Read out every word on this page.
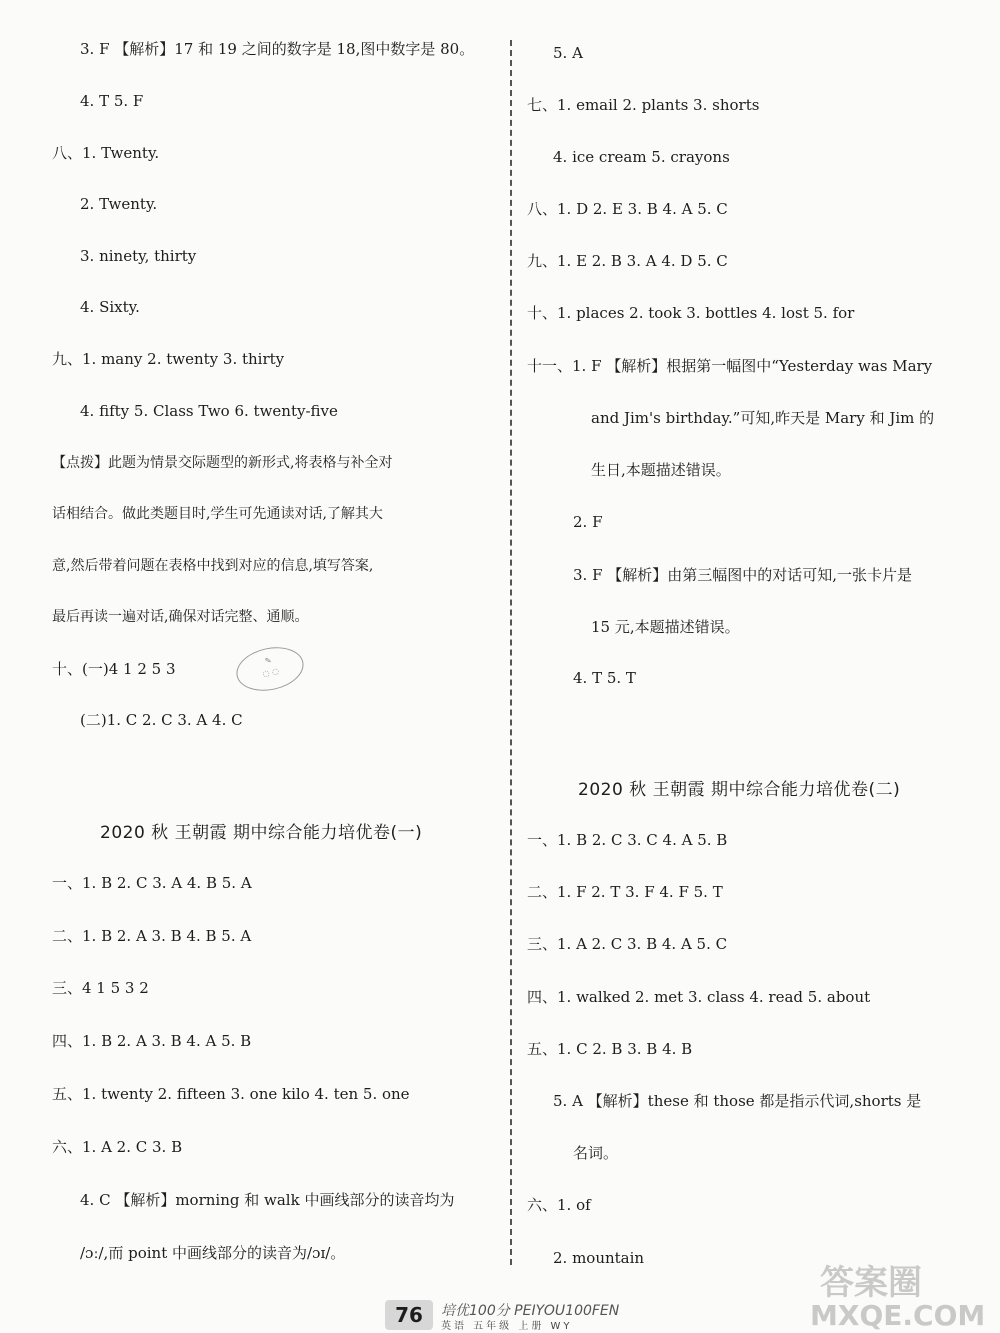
3. F 【解析】17 和 19 之间的数字是 18,图中数字是 80。
4. T 5. F
八、1. Twenty.
2. Twenty.
3. ninety, thirty
4. Sixty.
九、1. many 2. twenty 3. thirty
4. fifty 5. Class Two 6. twenty-five
【点拨】此题为情景交际题型的新形式,将表格与补全对
话相结合。做此类题目时,学生可先通读对话,了解其大
意,然后带着问题在表格中找到对应的信息,填写答案,
最后再读一遍对话,确保对话完整、通顺。
十、(一)4 1 2 5 3	✎
◌ ◌
(二)1. C 2. C 3. A 4. C
2020 秋 王朝霞 期中综合能力培优卷(一)
一、1. B 2. C 3. A 4. B 5. A
二、1. B 2. A 3. B 4. B 5. A
三、4 1 5 3 2
四、1. B 2. A 3. B 4. A 5. B
五、1. twenty 2. fifteen 3. one kilo 4. ten 5. one
六、1. A 2. C 3. B
4. C 【解析】morning 和 walk 中画线部分的读音均为
/ɔː/,而 point 中画线部分的读音为/ɔɪ/。
5. A
七、1. email 2. plants 3. shorts
4. ice cream 5. crayons
八、1. D 2. E 3. B 4. A 5. C
九、1. E 2. B 3. A 4. D 5. C
十、1. places 2. took 3. bottles 4. lost 5. for
十一、1. F 【解析】根据第一幅图中“Yesterday was Mary
and Jim's birthday.”可知,昨天是 Mary 和 Jim 的
生日,本题描述错误。
2. F
3. F 【解析】由第三幅图中的对话可知,一张卡片是
15 元,本题描述错误。
4. T 5. T
2020 秋 王朝霞 期中综合能力培优卷(二)
一、1. B 2. C 3. C 4. A 5. B
二、1. F 2. T 3. F 4. F 5. T
三、1. A 2. C 3. B 4. A 5. C
四、1. walked 2. met 3. class 4. read 5. about
五、1. C 2. B 3. B 4. B
5. A 【解析】these 和 those 都是指示代词,shorts 是
名词。
六、1. of
2. mountain
76	培优100分 PEIYOU100FEN
英语 五年级 上册 WY
答案圈
MXQE.COM
